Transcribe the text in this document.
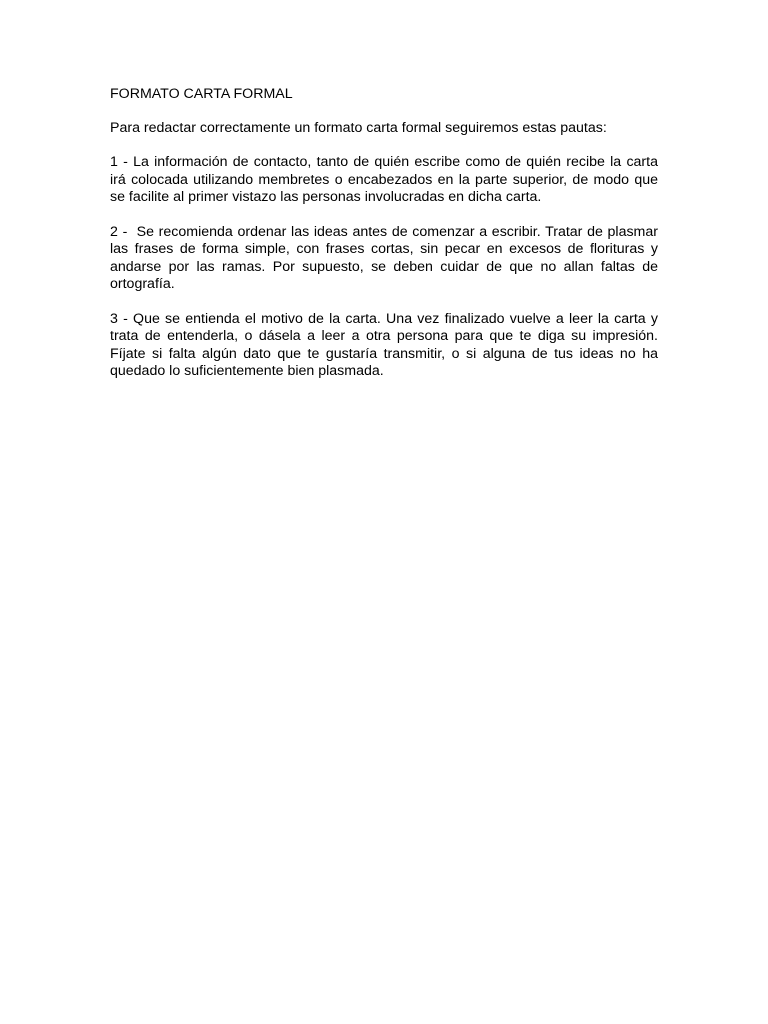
FORMATO CARTA FORMAL

Para redactar correctamente un formato carta formal seguiremos estas pautas:

1 - La información de contacto, tanto de quién escribe como de quién recibe la carta irá colocada utilizando membretes o encabezados en la parte superior, de modo que se facilite al primer vistazo las personas involucradas en dicha carta.

2 -  Se recomienda ordenar las ideas antes de comenzar a escribir. Tratar de plasmar las frases de forma simple, con frases cortas, sin pecar en excesos de florituras y andarse por las ramas. Por supuesto, se deben cuidar de que no allan faltas de ortografía.

3 - Que se entienda el motivo de la carta. Una vez finalizado vuelve a leer la carta y trata de entenderla, o dásela a leer a otra persona para que te diga su impresión. Fíjate si falta algún dato que te gustaría transmitir, o si alguna de tus ideas no ha quedado lo suficientemente bien plasmada.
